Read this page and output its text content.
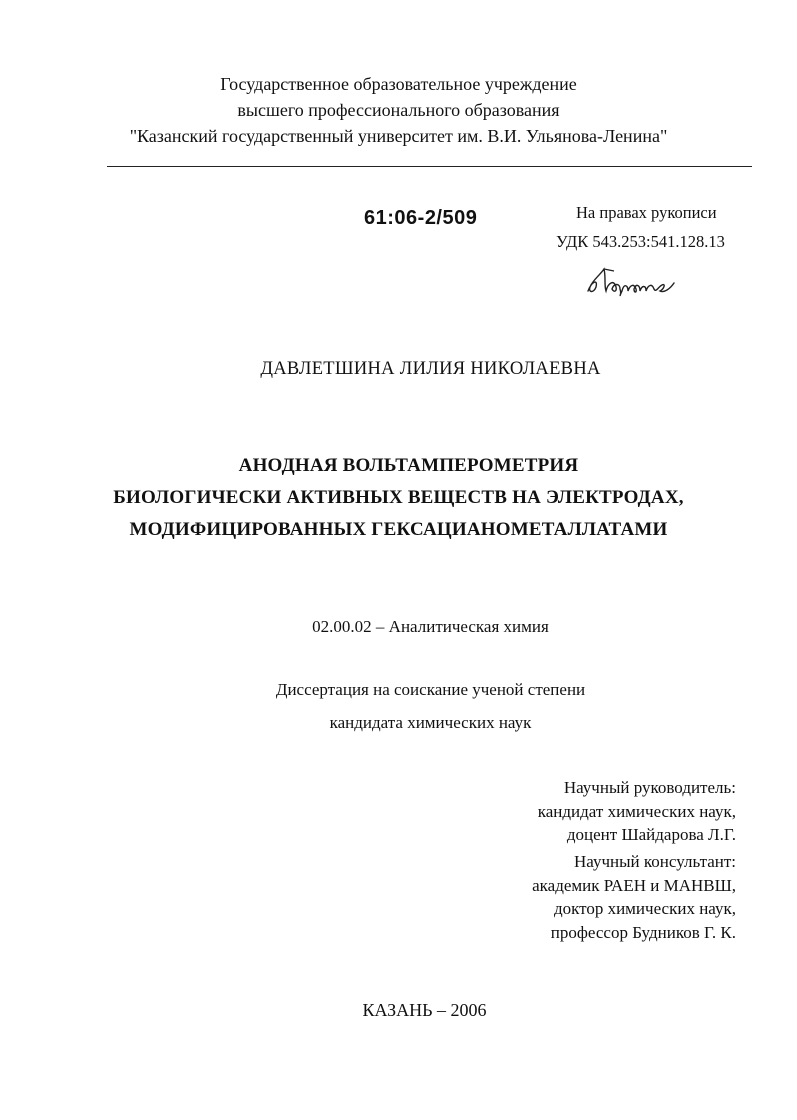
Государственное образовательное учреждение
высшего профессионального образования
"Казанский государственный университет им. В.И. Ульянова-Ленина"
61:06-2/509	На правах рукописи
УДК 543.253:541.128.13
ДАВЛЕТШИНА ЛИЛИЯ НИКОЛАЕВНА
АНОДНАЯ ВОЛЬТАМПЕРОМЕТРИЯ
БИОЛОГИЧЕСКИ АКТИВНЫХ ВЕЩЕСТВ НА ЭЛЕКТРОДАХ,
МОДИФИЦИРОВАННЫХ ГЕКСАЦИАНОМЕТАЛЛАТАМИ
02.00.02 – Аналитическая химия
Диссертация на соискание ученой степени
кандидата химических наук
Научный руководитель:
кандидат химических наук,
доцент Шайдарова Л.Г.
Научный консультант:
академик РАЕН и МАНВШ,
доктор химических наук,
профессор Будников Г. К.
КАЗАНЬ – 2006
